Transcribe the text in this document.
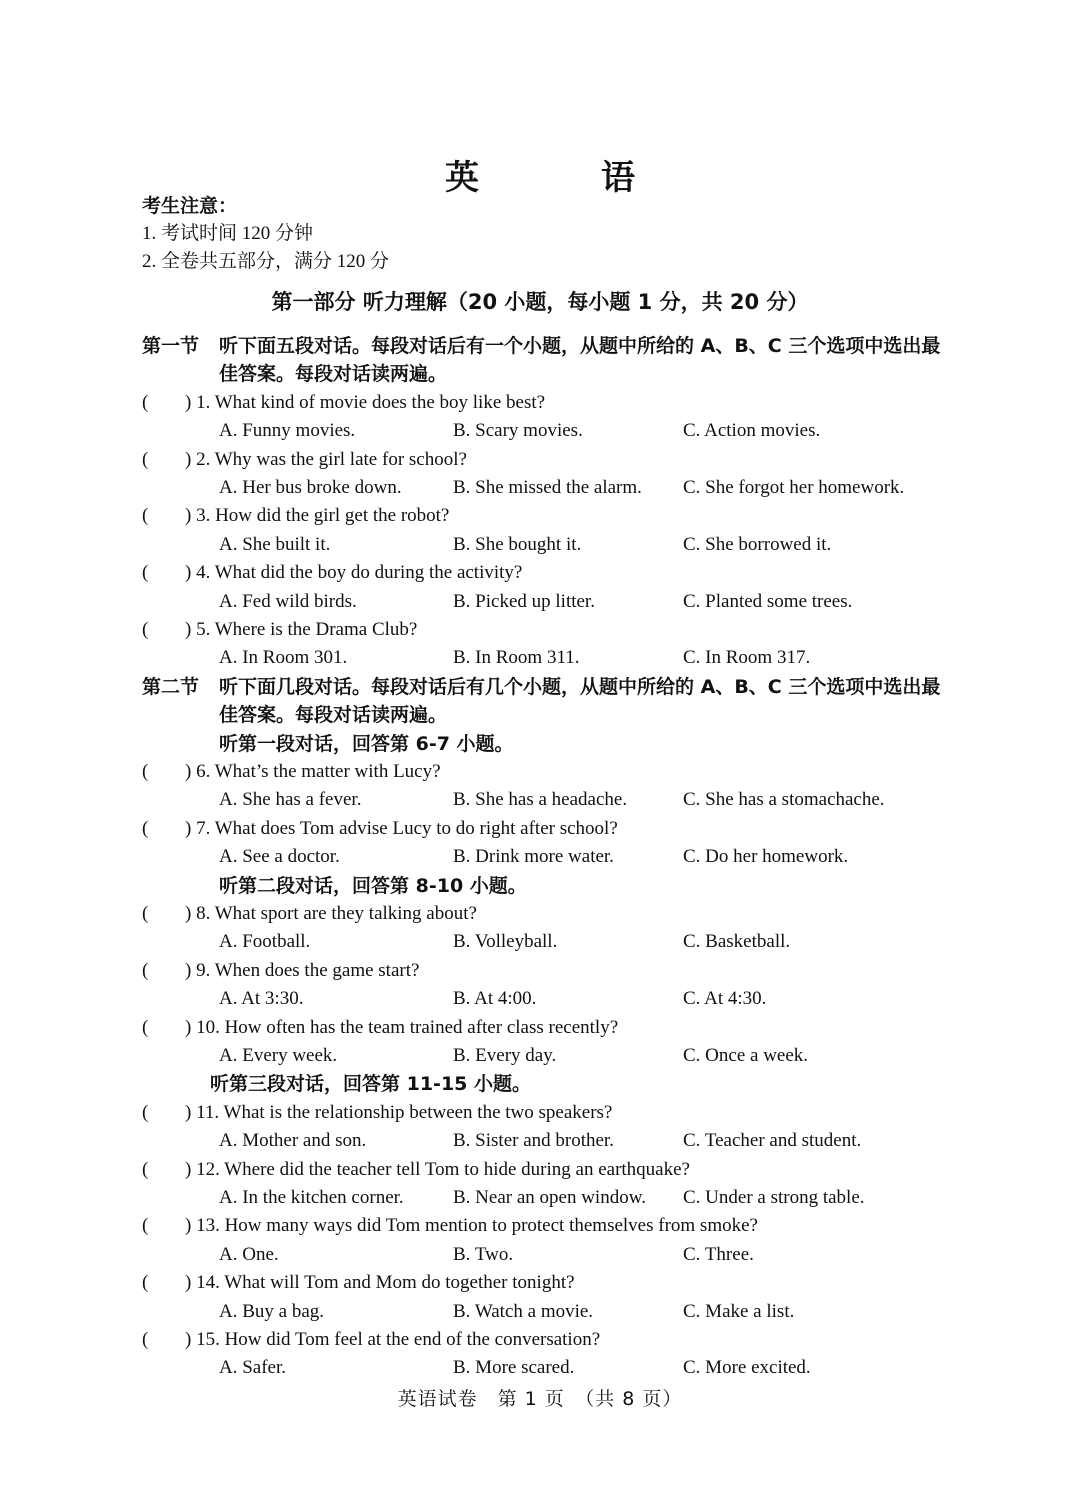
英　语
考生注意：
1. 考试时间 120 分钟
2. 全卷共五部分，满分 120 分
第一部分 听力理解（20 小题，每小题 1 分，共 20 分）
第一节 听下面五段对话。每段对话后有一个小题，从题中所给的 A、B、C 三个选项中选出最
佳答案。每段对话读两遍。
( ) 1. What kind of movie does the boy like best?
A. Funny movies.	B. Scary movies.	C. Action movies.
( ) 2. Why was the girl late for school?
A. Her bus broke down.	B. She missed the alarm. C. She forgot her homework.
( ) 3. How did the girl get the robot?
A. She built it.	B. She bought it.	C. She borrowed it.
( ) 4. What did the boy do during the activity?
A. Fed wild birds.	B. Picked up litter.	C. Planted some trees.
( ) 5. Where is the Drama Club?
A. In Room 301.	B. In Room 311.	C. In Room 317.
第二节 听下面几段对话。每段对话后有几个小题，从题中所给的 A、B、C 三个选项中选出最
佳答案。每段对话读两遍。
听第一段对话，回答第 6-7 小题。
( ) 6. What’s the matter with Lucy?
A. She has a fever.	B. She has a headache.	C. She has a stomachache.
( ) 7. What does Tom advise Lucy to do right after school?
A. See a doctor.	B. Drink more water.	C. Do her homework.
听第二段对话，回答第 8-10 小题。
( ) 8. What sport are they talking about?
A. Football.	B. Volleyball.	C. Basketball.
( ) 9. When does the game start?
A. At 3:30.	B. At 4:00.	C. At 4:30.
( ) 10. How often has the team trained after class recently?
A. Every week.	B. Every day.	C. Once a week.
听第三段对话，回答第 11-15 小题。
( ) 11. What is the relationship between the two speakers?
A. Mother and son.	B. Sister and brother.	C. Teacher and student.
( ) 12. Where did the teacher tell Tom to hide during an earthquake?
A. In the kitchen corner.	B. Near an open window. C. Under a strong table.
( ) 13. How many ways did Tom mention to protect themselves from smoke?
A. One.	B. Two.	C. Three.
( ) 14. What will Tom and Mom do together tonight?
A. Buy a bag.	B. Watch a movie.	C. Make a list.
( ) 15. How did Tom feel at the end of the conversation?
A. Safer.	B. More scared.	C. More excited.
英语试卷　第 1 页　（共 8 页）
